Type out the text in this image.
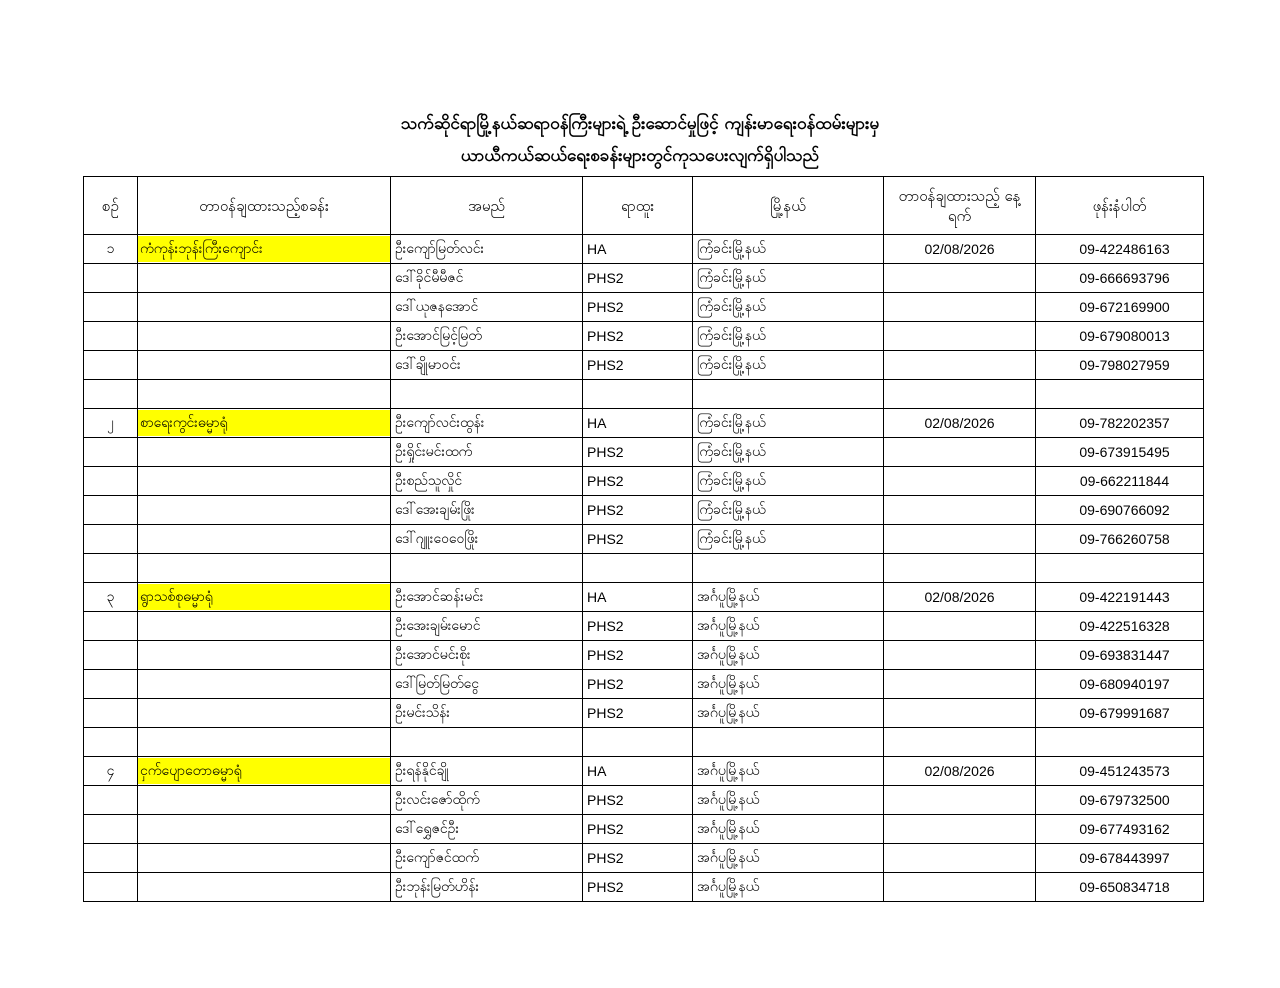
သက်ဆိုင်ရာမြို့နယ်ဆရာဝန်ကြီးများရဲ့ ဦးဆောင်မှုဖြင့် ကျန်းမာရေးဝန်ထမ်းများမှ
ယာယီကယ်ဆယ်ရေးစခန်းများတွင်ကုသပေးလျက်ရှိပါသည်
စဉ်	တာဝန်ချထားသည့်စခန်း	အမည်	ရာထူး	မြို့နယ်	တာဝန်ချထားသည့် နေ့ရက်	ဖုန်းနံပါတ်
၁	ကံကုန်းဘုန်းကြီးကျောင်း	ဦးကျော်မြတ်လင်း	HA	ကြံခင်းမြို့နယ်	02/08/2026	09-422486163
		ဒေါ်ခိုင်မီမီဇင်	PHS2	ကြံခင်းမြို့နယ်		09-666693796
		ဒေါ်ယုဇနအောင်	PHS2	ကြံခင်းမြို့နယ်		09-672169900
		ဦးအောင်မြင့်မြတ်	PHS2	ကြံခင်းမြို့နယ်		09-679080013
		ဒေါ်ချိုမာဝင်း	PHS2	ကြံခင်းမြို့နယ်		09-798027959

၂	စာရေးကွင်းဓမ္မာရုံ	ဦးကျော်လင်းထွန်း	HA	ကြံခင်းမြို့နယ်	02/08/2026	09-782202357
		ဦးရှိုင်းမင်းထက်	PHS2	ကြံခင်းမြို့နယ်		09-673915495
		ဦးစည်သူလှိုင်	PHS2	ကြံခင်းမြို့နယ်		09-662211844
		ဒေါ်အေးချမ်းဖြိုး	PHS2	ကြံခင်းမြို့နယ်		09-690766092
		ဒေါ်ဂျူးဝေဝေဖြိုး	PHS2	ကြံခင်းမြို့နယ်		09-766260758

၃	ရွာသစ်စုဓမ္မာရုံ	ဦးအောင်ဆန်းမင်း	HA	အင်္ဂပူမြို့နယ်	02/08/2026	09-422191443
		ဦးအေးချမ်းမောင်	PHS2	အင်္ဂပူမြို့နယ်		09-422516328
		ဦးအောင်မင်းစိုး	PHS2	အင်္ဂပူမြို့နယ်		09-693831447
		ဒေါ်မြတ်မြတ်ငွေ	PHS2	အင်္ဂပူမြို့နယ်		09-680940197
		ဦးမင်းသိန်း	PHS2	အင်္ဂပူမြို့နယ်		09-679991687

၄	ငှက်ပျောတောဓမ္မာရုံ	ဦးရန်နိုင်ချို	HA	အင်္ဂပူမြို့နယ်	02/08/2026	09-451243573
		ဦးလင်းဇော်ထိုက်	PHS2	အင်္ဂပူမြို့နယ်		09-679732500
		ဒေါ်ရွှေဇင်ဦး	PHS2	အင်္ဂပူမြို့နယ်		09-677493162
		ဦးကျော်ဇင်ထက်	PHS2	အင်္ဂပူမြို့နယ်		09-678443997
		ဦးဘုန်းမြတ်ဟိန်း	PHS2	အင်္ဂပူမြို့နယ်		09-650834718
